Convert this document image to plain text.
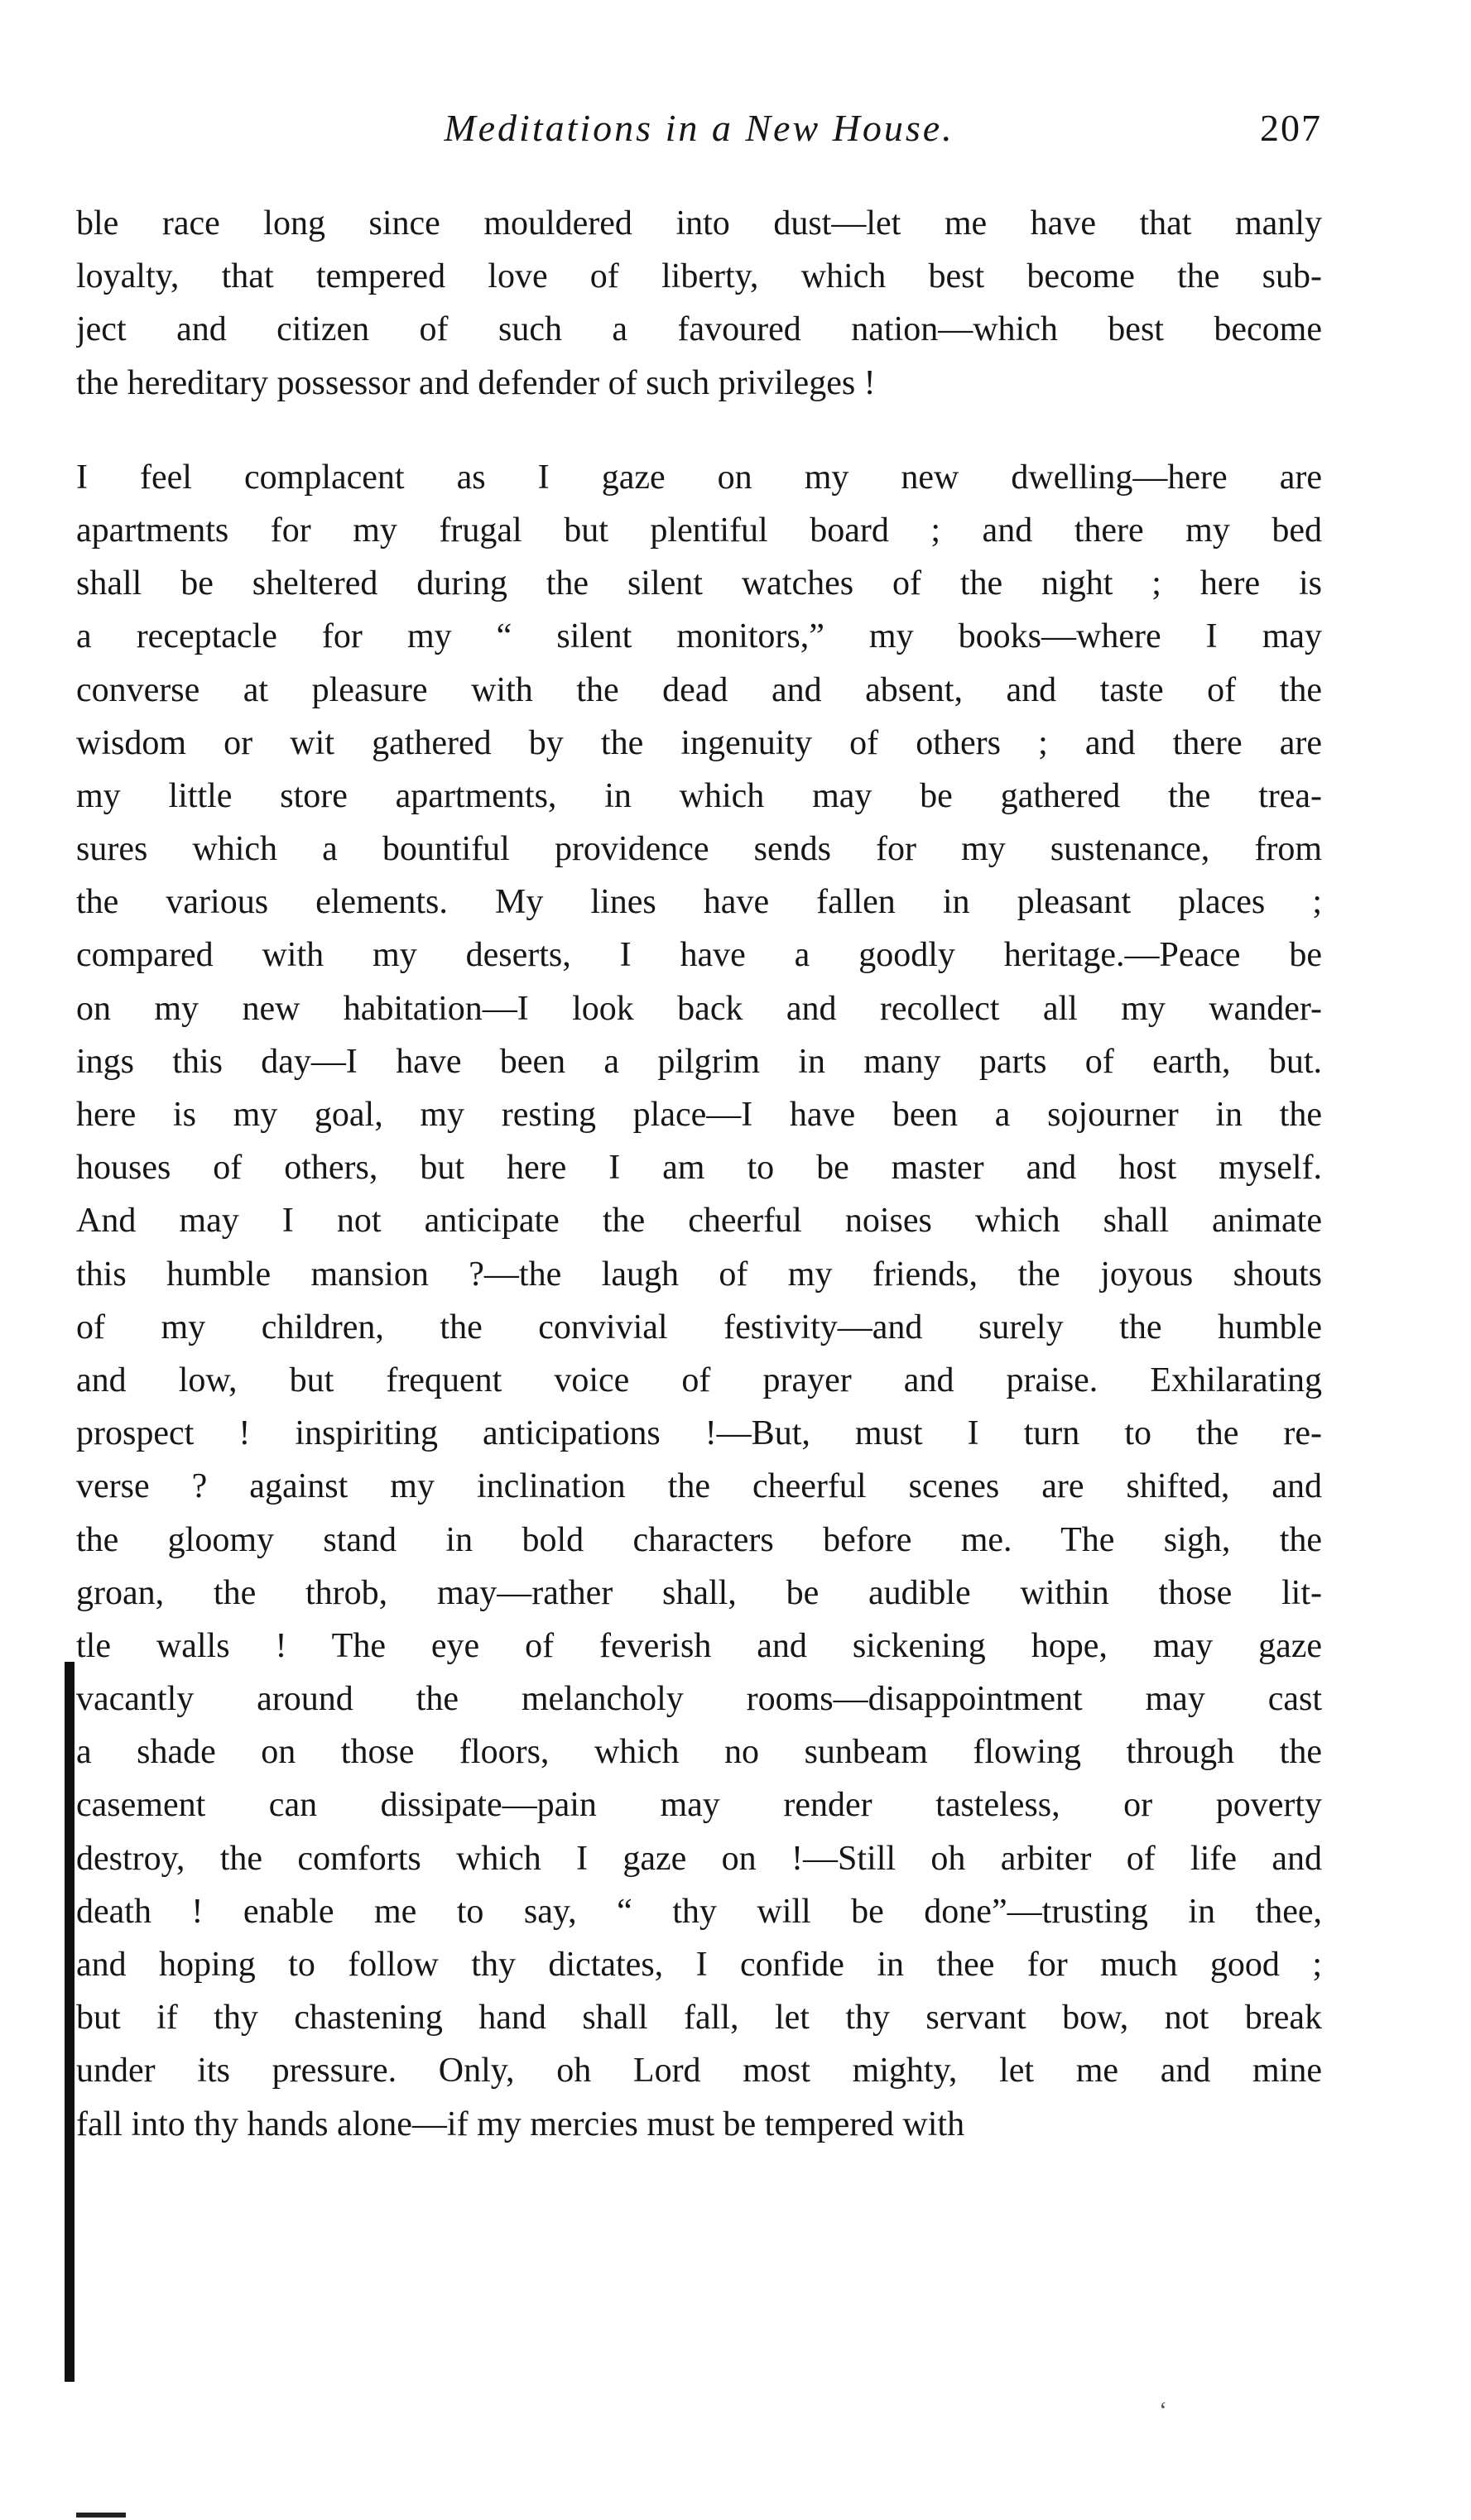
Meditations in a New House.	207
ble race long since mouldered into dust—let me have that manly
loyalty, that tempered love of liberty, which best become the sub-
ject and citizen of such a favoured nation—which best become
the hereditary possessor and defender of such privileges !
I feel complacent as I gaze on my new dwelling—here are
apartments for my frugal but plentiful board ; and there my bed
shall be sheltered during the silent watches of the night ; here is
a receptacle for my “ silent monitors,” my books—where I may
converse at pleasure with the dead and absent, and taste of the
wisdom or wit gathered by the ingenuity of others ; and there are
my little store apartments, in which may be gathered the trea-
sures which a bountiful providence sends for my sustenance, from
the various elements. My lines have fallen in pleasant places ;
compared with my deserts, I have a goodly heritage.—Peace be
on my new habitation—I look back and recollect all my wander-
ings this day—I have been a pilgrim in many parts of earth, but.
here is my goal, my resting place—I have been a sojourner in the
houses of others, but here I am to be master and host myself.
And may I not anticipate the cheerful noises which shall animate
this humble mansion ?—the laugh of my friends, the joyous shouts
of my children, the convivial festivity—and surely the humble
and low, but frequent voice of prayer and praise. Exhilarating
prospect ! inspiriting anticipations !—But, must I turn to the re-
verse ? against my inclination the cheerful scenes are shifted, and
the gloomy stand in bold characters before me. The sigh, the
groan, the throb, may—rather shall, be audible within those lit-
tle walls ! The eye of feverish and sickening hope, may gaze
vacantly around the melancholy rooms—disappointment may cast
a shade on those floors, which no sunbeam flowing through the
casement can dissipate—pain may render tasteless, or poverty
destroy, the comforts which I gaze on !—Still oh arbiter of life and
death ! enable me to say, “ thy will be done”—trusting in thee,
and hoping to follow thy dictates, I confide in thee for much good ;
but if thy chastening hand shall fall, let thy servant bow, not break
under its pressure. Only, oh Lord most mighty, let me and mine
fall into thy hands alone—if my mercies must be tempered with
ʻ
